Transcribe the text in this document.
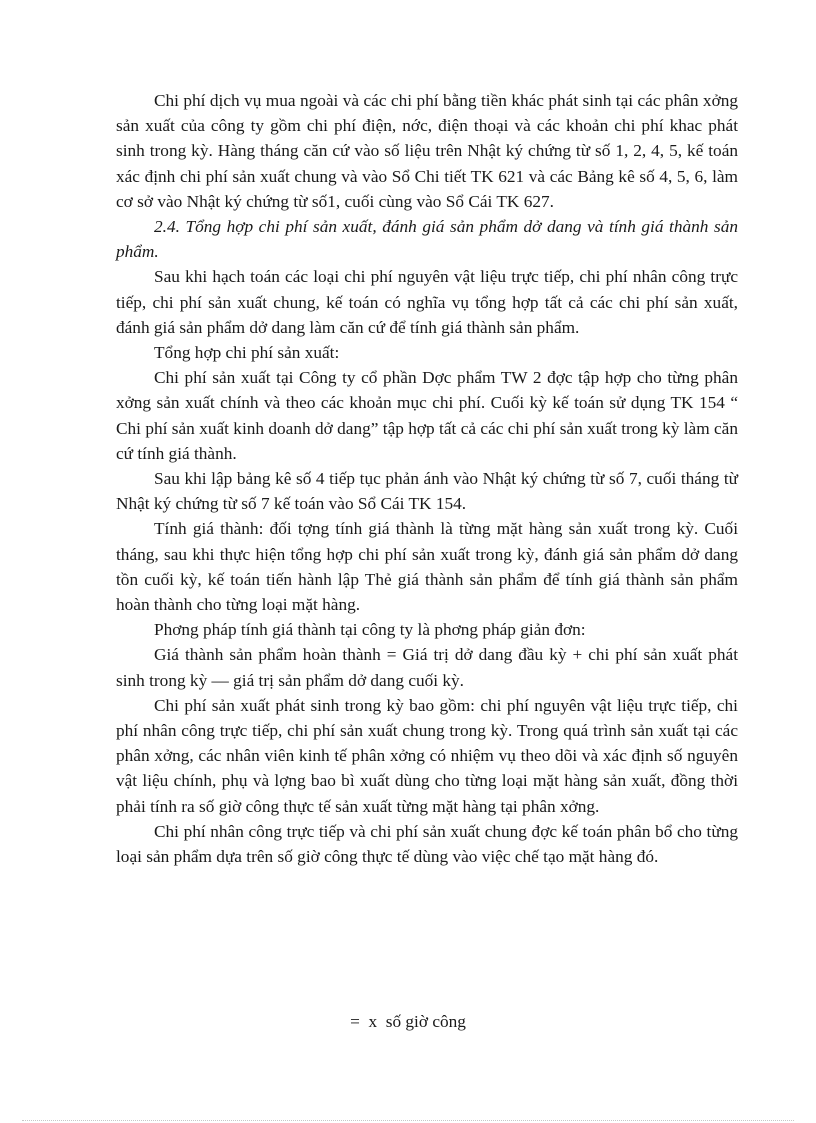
Chi phí dịch vụ mua ngoài và các chi phí bằng tiền khác phát sinh tại các phân xởng sản xuất của công ty gồm chi phí điện, nớc, điện thoại và các khoản chi phí khac phát sinh trong kỳ. Hàng tháng căn cứ vào số liệu trên Nhật ký chứng từ số 1, 2, 4, 5, kế toán xác định chi phí sản xuất chung và vào Sổ Chi tiết TK 621 và các Bảng kê số 4, 5, 6, làm cơ sở vào Nhật ký chứng từ số1, cuối cùng vào Sổ Cái TK 627.

2.4. Tổng hợp chi phí sản xuất, đánh giá sản phẩm dở dang và tính giá thành sản phẩm.

Sau khi hạch toán các loại chi phí nguyên vật liệu trực tiếp, chi phí nhân công trực tiếp, chi phí sản xuất chung, kế toán có nghĩa vụ tổng hợp tất cả các chi phí sản xuất, đánh giá sản phẩm dở dang làm căn cứ để tính giá thành sản phẩm.

Tổng hợp chi phí sản xuất:

Chi phí sản xuất tại Công ty cổ phần Dợc phẩm TW 2 đợc tập hợp cho từng phân xởng sản xuất chính và theo các khoản mục chi phí. Cuối kỳ kế toán sử dụng TK 154 “ Chi phí sản xuất kinh doanh dở dang” tập hợp tất cả các chi phí sản xuất trong kỳ làm căn cứ tính giá thành.

Sau khi lập bảng kê số 4 tiếp tục phản ánh vào Nhật ký chứng từ số 7, cuối tháng từ Nhật ký chứng từ số 7 kế toán vào Sổ Cái TK 154.

Tính giá thành: đối tợng tính giá thành là từng mặt hàng sản xuất trong kỳ. Cuối tháng, sau khi thực hiện tổng hợp chi phí sản xuất trong kỳ, đánh giá sản phẩm dở dang tồn cuối kỳ, kế toán tiến hành lập Thẻ giá thành sản phẩm để tính giá thành sản phẩm hoàn thành cho từng loại mặt hàng.

Phơng pháp tính giá thành tại công ty là phơng pháp giản đơn:

Giá thành sản phẩm hoàn thành = Giá trị dở dang đầu kỳ + chi phí sản xuất phát sinh trong kỳ — giá trị sản phẩm dở dang cuối kỳ.

Chi phí sản xuất phát sinh trong kỳ bao gồm: chi phí nguyên vật liệu trực tiếp, chi phí nhân công trực tiếp, chi phí sản xuất chung trong kỳ. Trong quá trình sản xuất tại các phân xởng, các nhân viên kinh tế phân xởng có nhiệm vụ theo dõi và xác định số nguyên vật liệu chính, phụ và lợng bao bì xuất dùng cho từng loại mặt hàng sản xuất, đồng thời phải tính ra số giờ công thực tế sản xuất từng mặt hàng tại phân xởng.

Chi phí nhân công trực tiếp và chi phí sản xuất chung đợc kế toán phân bổ cho từng loại sản phẩm dựa trên số giờ công thực tế dùng vào việc chế tạo mặt hàng đó.

=  x  số giờ công
